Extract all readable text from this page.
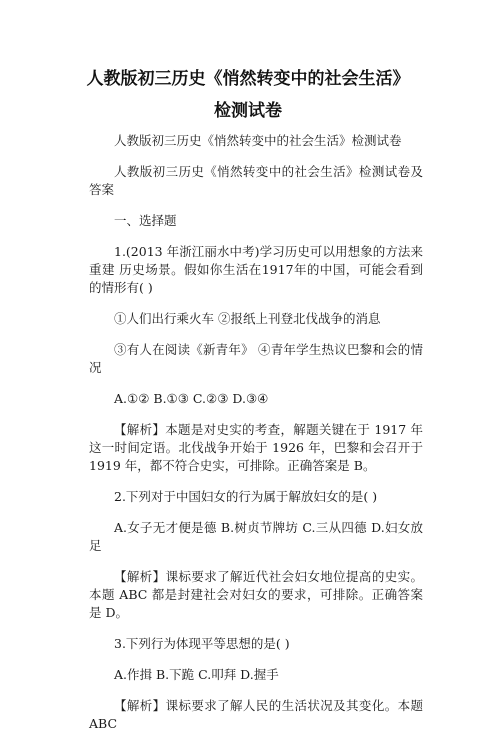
人教版初三历史《悄然转变中的社会生活》
检测试卷

人教版初三历史《悄然转变中的社会生活》检测试卷

人教版初三历史《悄然转变中的社会生活》检测试卷及答案

一、选择题

1.(2013 年浙江丽水中考)学习历史可以用想象的方法来 重建 历史场景。假如你生活在1917年的中国，可能会看到的情形有( )

①人们出行乘火车 ②报纸上刊登北伐战争的消息

③有人在阅读《新青年》 ④青年学生热议巴黎和会的情况

A.①② B.①③ C.②③ D.③④

【解析】本题是对史实的考查，解题关键在于 1917 年 这一时间定语。北伐战争开始于 1926 年，巴黎和会召开于 1919 年，都不符合史实，可排除。正确答案是 B。

2.下列对于中国妇女的行为属于解放妇女的是( )

A.女子无才便是德 B.树贞节牌坊 C.三从四德 D.妇女放足

【解析】课标要求了解近代社会妇女地位提高的史实。本题 ABC 都是封建社会对妇女的要求，可排除。正确答案是 D。

3.下列行为体现平等思想的是( )

A.作揖 B.下跪 C.叩拜 D.握手

【解析】课标要求了解人民的生活状况及其变化。本题 ABC
